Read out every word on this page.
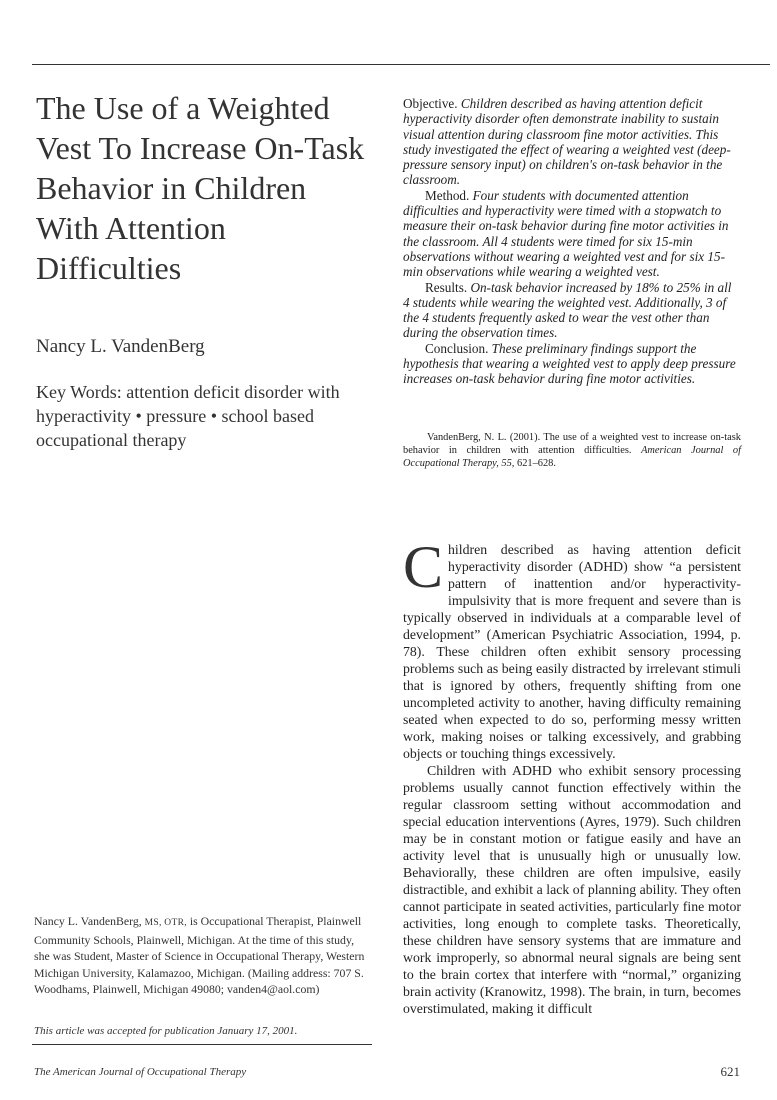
The Use of a Weighted Vest To Increase On-Task Behavior in Children With Attention Difficulties
Nancy L. VandenBerg
Key Words: attention deficit disorder with hyperactivity • pressure • school based occupational therapy

Objective. Children described as having attention deficit hyperactivity disorder often demonstrate inability to sustain visual attention during classroom fine motor activities. This study investigated the effect of wearing a weighted vest (deep-pressure sensory input) on children's on-task behavior in the classroom.

Method. Four students with documented attention difficulties and hyperactivity were timed with a stopwatch to measure their on-task behavior during fine motor activities in the classroom. All 4 students were timed for six 15-min observations without wearing a weighted vest and for six 15-min observations while wearing a weighted vest.

Results. On-task behavior increased by 18% to 25% in all 4 students while wearing the weighted vest. Additionally, 3 of the 4 students frequently asked to wear the vest other than during the observation times.

Conclusion. These preliminary findings support the hypothesis that wearing a weighted vest to apply deep pressure increases on-task behavior during fine motor activities.

VandenBerg, N. L. (2001). The use of a weighted vest to increase on-task behavior in children with attention difficulties. American Journal of Occupational Therapy, 55, 621–628.

Children described as having attention deficit hyperactivity disorder (ADHD) show “a persistent pattern of inattention and/or hyperactivity-impulsivity that is more frequent and severe than is typically observed in individuals at a comparable level of development” (American Psychiatric Association, 1994, p. 78). These children often exhibit sensory processing problems such as being easily distracted by irrelevant stimuli that is ignored by others, frequently shifting from one uncompleted activity to another, having difficulty remaining seated when expected to do so, performing messy written work, making noises or talking excessively, and grabbing objects or touching things excessively.

Children with ADHD who exhibit sensory processing problems usually cannot function effectively within the regular classroom setting without accommodation and special education interventions (Ayres, 1979). Such children may be in constant motion or fatigue easily and have an activity level that is unusually high or unusually low. Behaviorally, these children are often impulsive, easily distractible, and exhibit a lack of planning ability. They often cannot participate in seated activities, particularly fine motor activities, long enough to complete tasks. Theoretically, these children have sensory systems that are immature and work improperly, so abnormal neural signals are being sent to the brain cortex that interfere with “normal,” organizing brain activity (Kranowitz, 1998). The brain, in turn, becomes overstimulated, making it difficult

Nancy L. VandenBerg, MS, OTR, is Occupational Therapist, Plainwell Community Schools, Plainwell, Michigan. At the time of this study, she was Student, Master of Science in Occupational Therapy, Western Michigan University, Kalamazoo, Michigan. (Mailing address: 707 S. Woodhams, Plainwell, Michigan 49080; vanden4@aol.com)
This article was accepted for publication January 17, 2001.
The American Journal of Occupational Therapy	621
